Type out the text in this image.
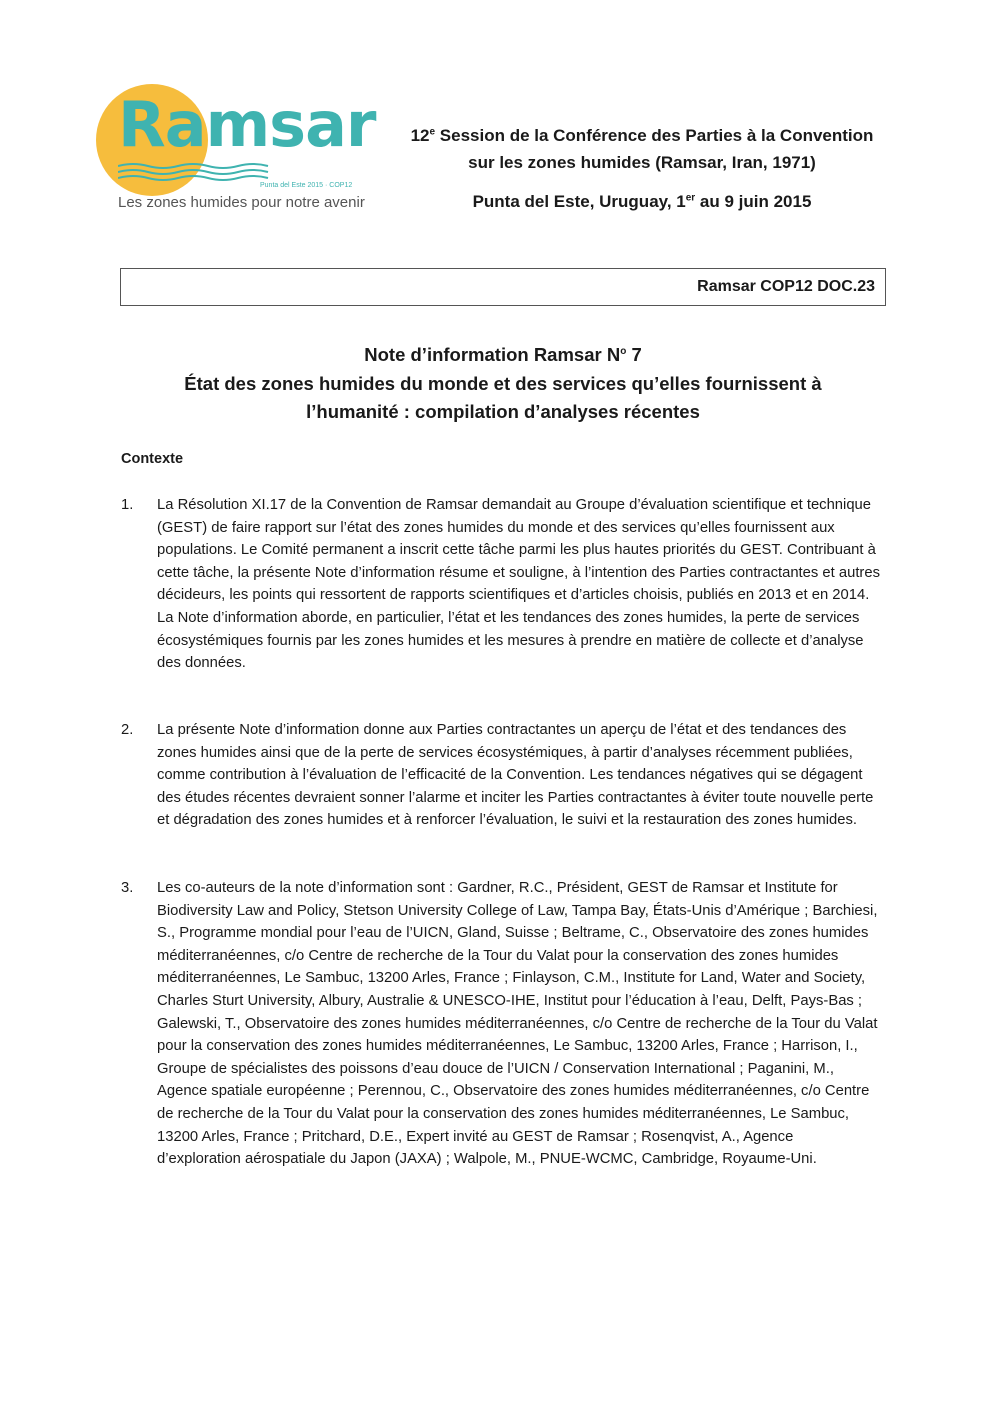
Ramsar
Punta del Este 2015 · COP12
Les zones humides pour notre avenir
12e Session de la Conférence des Parties à la Convention
sur les zones humides (Ramsar, Iran, 1971)
Punta del Este, Uruguay, 1er au 9 juin 2015
Ramsar COP12 DOC.23
Note d’information Ramsar $N^o$ 7
État des zones humides du monde et des services qu’elles fournissent à
l’humanité : compilation d’analyses récentes
Contexte
1. La Résolution XI.17 de la Convention de Ramsar demandait au Groupe d’évaluation scientifique et technique (GEST) de faire rapport sur l’état des zones humides du monde et des services qu’elles fournissent aux populations. Le Comité permanent a inscrit cette tâche parmi les plus hautes priorités du GEST. Contribuant à cette tâche, la présente Note d’information résume et souligne, à l’intention des Parties contractantes et autres décideurs, les points qui ressortent de rapports scientifiques et d’articles choisis, publiés en 2013 et en 2014. La Note d’information aborde, en particulier, l’état et les tendances des zones humides, la perte de services écosystémiques fournis par les zones humides et les mesures à prendre en matière de collecte et d’analyse des données.
2. La présente Note d’information donne aux Parties contractantes un aperçu de l’état et des tendances des zones humides ainsi que de la perte de services écosystémiques, à partir d’analyses récemment publiées, comme contribution à l’évaluation de l’efficacité de la Convention. Les tendances négatives qui se dégagent des études récentes devraient sonner l’alarme et inciter les Parties contractantes à éviter toute nouvelle perte et dégradation des zones humides et à renforcer l’évaluation, le suivi et la restauration des zones humides.
3. Les co-auteurs de la note d’information sont : Gardner, R.C., Président, GEST de Ramsar et Institute for Biodiversity Law and Policy, Stetson University College of Law, Tampa Bay, États-Unis d’Amérique ; Barchiesi, S., Programme mondial pour l’eau de l’UICN, Gland, Suisse ; Beltrame, C., Observatoire des zones humides méditerranéennes, c/o Centre de recherche de la Tour du Valat pour la conservation des zones humides méditerranéennes, Le Sambuc, 13200 Arles, France ; Finlayson, C.M., Institute for Land, Water and Society, Charles Sturt University, Albury, Australie & UNESCO-IHE, Institut pour l’éducation à l’eau, Delft, Pays-Bas ; Galewski, T., Observatoire des zones humides méditerranéennes, c/o Centre de recherche de la Tour du Valat pour la conservation des zones humides méditerranéennes, Le Sambuc, 13200 Arles, France ; Harrison, I., Groupe de spécialistes des poissons d’eau douce de l’UICN / Conservation International ; Paganini, M., Agence spatiale européenne ; Perennou, C., Observatoire des zones humides méditerranéennes, c/o Centre de recherche de la Tour du Valat pour la conservation des zones humides méditerranéennes, Le Sambuc, 13200 Arles, France ; Pritchard, D.E., Expert invité au GEST de Ramsar ; Rosenqvist, A., Agence d’exploration aérospatiale du Japon (JAXA) ; Walpole, M., PNUE-WCMC, Cambridge, Royaume-Uni.
